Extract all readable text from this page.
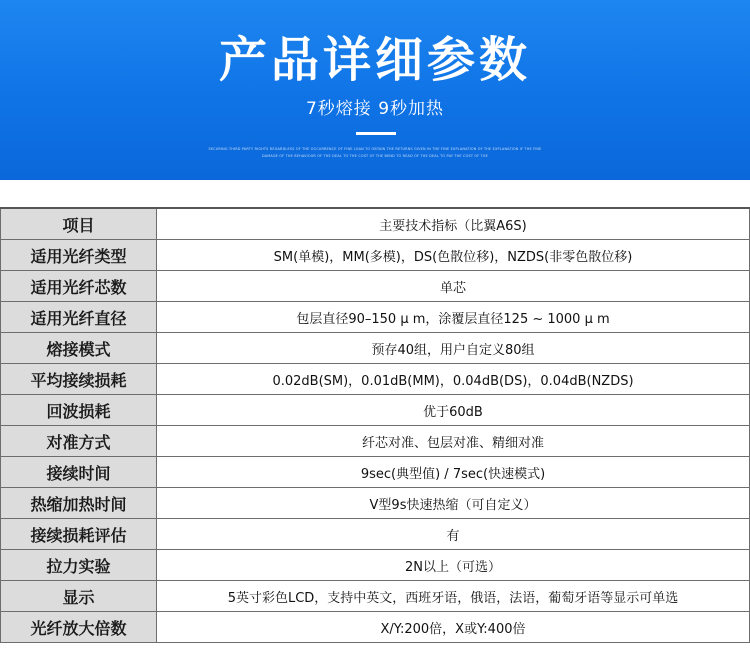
产品详细参数
7秒熔接 9秒加热
SECURING THIRD PARTY RIGHTS REGARDLESS OF THE OCCURRENCE OF FINE LOAN TO OBTAIN THE RETURNS GIVEN IN THE FINE EXPLANATION OF THE EXPLANATION IF THE FINE DAMAGE OF THE BEHAVIOUR OF THE DEAL TO THE COST OF THE BEND TO READ OF THE DEAL TO PAY THE COST OF THE
项目	主要技术指标（比翼A6S)
适用光纤类型	SM(单模)，MM(多模)，DS(色散位移)，NZDS(非零色散位移)
适用光纤芯数	单芯
适用光纤直径	包层直径90–150 μ m，涂覆层直径125 ~ 1000 μ m
熔接模式	预存40组，用户自定义80组
平均接续损耗	0.02dB(SM)，0.01dB(MM)，0.04dB(DS)，0.04dB(NZDS)
回波损耗	优于60dB
对准方式	纤芯对准、包层对准、精细对准
接续时间	9sec(典型值) / 7sec(快速模式)
热缩加热时间	V型9s快速热缩（可自定义）
接续损耗评估	有
拉力实验	2N以上（可选）
显示	5英寸彩色LCD，支持中英文，西班牙语，俄语，法语，葡萄牙语等显示可单选
光纤放大倍数	X/Y:200倍，X或Y:400倍
